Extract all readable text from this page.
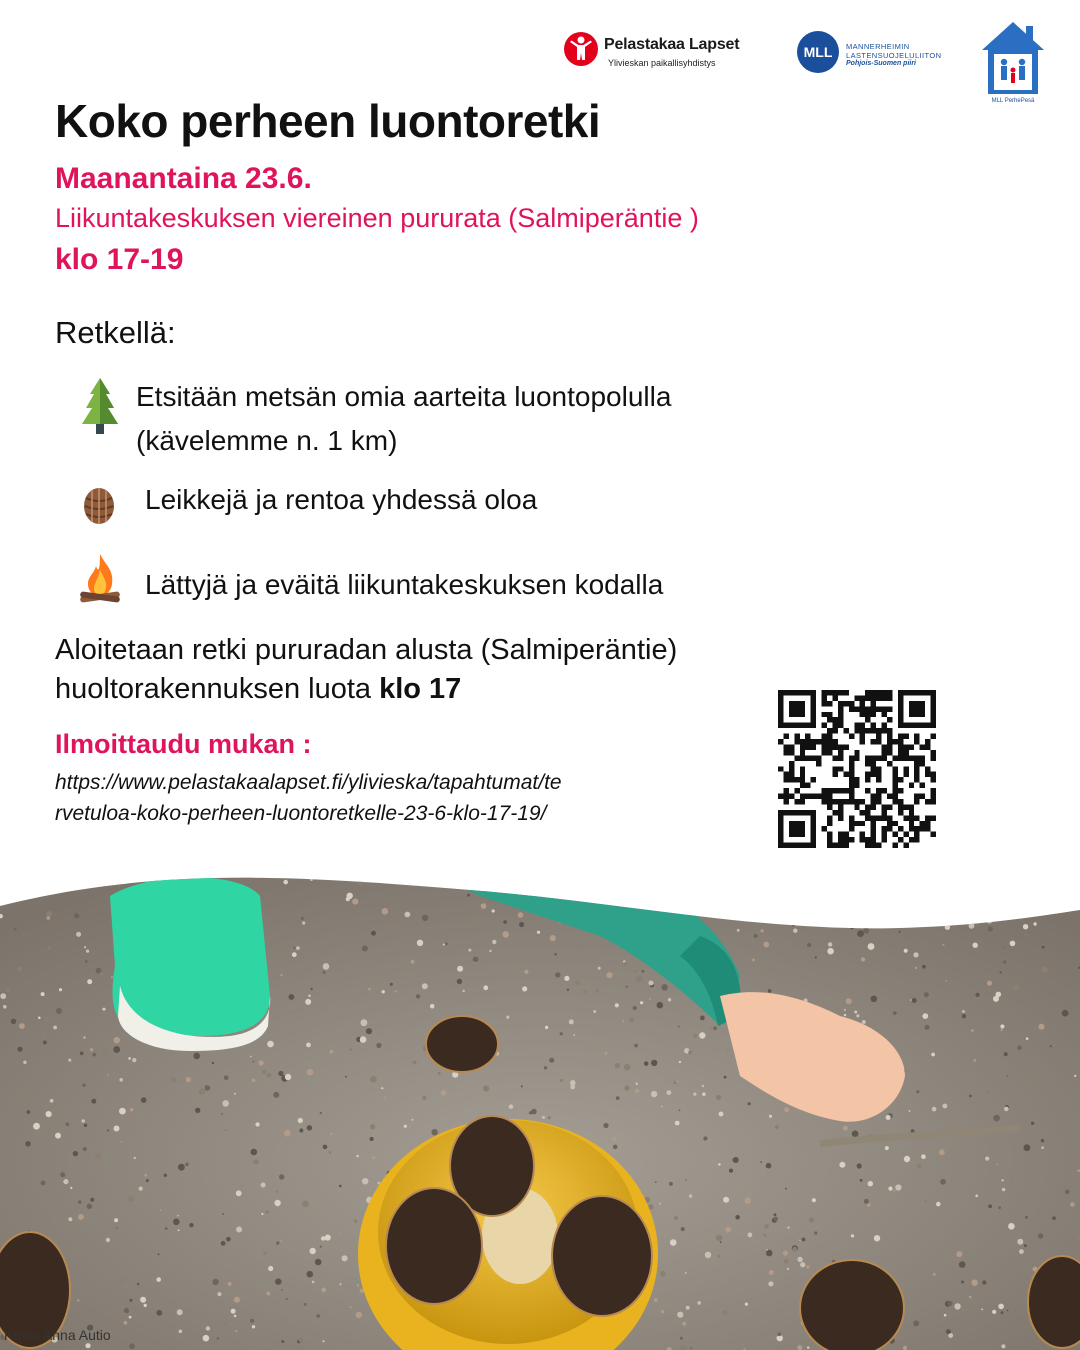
Pelastakaa Lapset
Ylivieskan paikallisyhdistys
MLL MANNERHEIMIN
LASTENSUOJELULIITON
Pohjois-Suomen piiri
MLL PerhePesä
Koko perheen luontoretki
Maanantaina 23.6.
Liikuntakeskuksen viereinen pururata (Salmiperäntie )
klo 17-19
Retkellä:
Etsitään metsän omia aarteita luontopolulla
(kävelemme n. 1 km)
Leikkejä ja rentoa yhdessä oloa
Lättyjä ja eväitä liikuntakeskuksen kodalla
Aloitetaan retki pururadan alusta (Salmiperäntie)
huoltorakennuksen luota klo 17
Ilmoittaudu mukan :
https://www.pelastakaalapset.fi/ylivieska/tapahtumat/te
rvetuloa-koko-perheen-luontoretkelle-23-6-klo-17-19/
Kuva: Anna Autio
